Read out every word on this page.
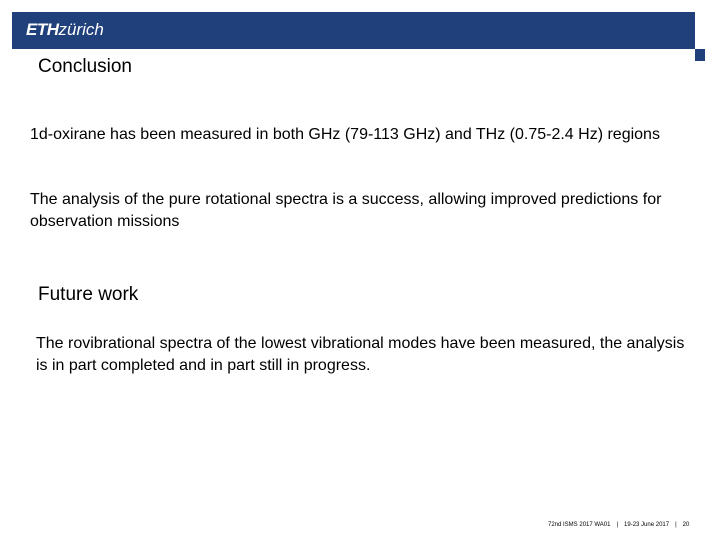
ETHzürich
Conclusion

1d-oxirane has been measured in both GHz (79-113 GHz) and THz (0.75-2.4 Hz) regions

The analysis of the pure rotational spectra is a success, allowing improved predictions for observation missions

Future work

The rovibrational spectra of the lowest vibrational modes have been measured, the analysis is in part completed and in part still in progress.

72nd ISMS 2017 WA01 | 19-23 June 2017 | 20
